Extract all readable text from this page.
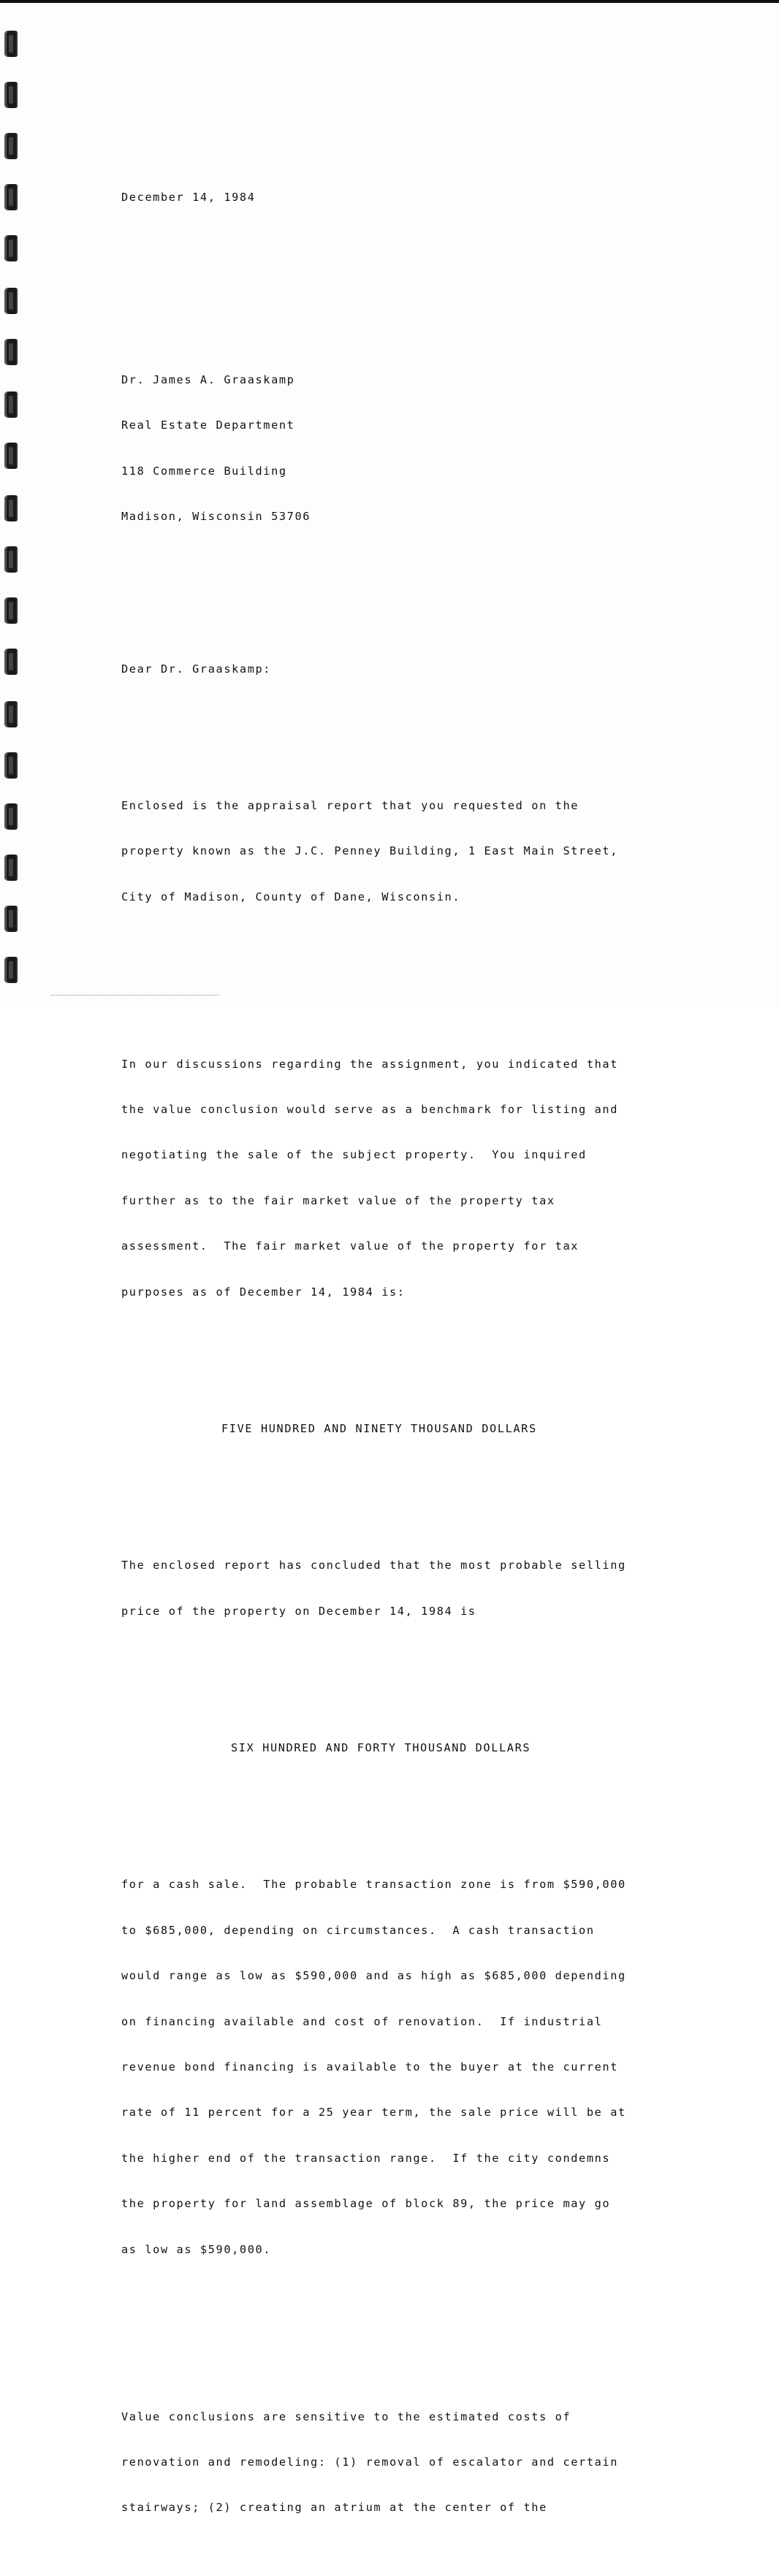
December 14, 1984

Dr. James A. Graaskamp

Real Estate Department

118 Commerce Building

Madison, Wisconsin 53706

Dear Dr. Graaskamp:

Enclosed is the appraisal report that you requested on the

property known as the J.C. Penney Building, 1 East Main Street,

City of Madison, County of Dane, Wisconsin.

In our discussions regarding the assignment, you indicated that

the value conclusion would serve as a benchmark for listing and

negotiating the sale of the subject property.  You inquired

further as to the fair market value of the property tax

assessment.  The fair market value of the property for tax

purposes as of December 14, 1984 is:

FIVE HUNDRED AND NINETY THOUSAND DOLLARS

The enclosed report has concluded that the most probable selling

price of the property on December 14, 1984 is

SIX HUNDRED AND FORTY THOUSAND DOLLARS

for a cash sale.  The probable transaction zone is from $590,000

to $685,000, depending on circumstances.  A cash transaction

would range as low as $590,000 and as high as $685,000 depending

on financing available and cost of renovation.  If industrial

revenue bond financing is available to the buyer at the current

rate of 11 percent for a 25 year term, the sale price will be at

the higher end of the transaction range.  If the city condemns

the property for land assemblage of block 89, the price may go

as low as $590,000.

Value conclusions are sensitive to the estimated costs of

renovation and remodeling: (1) removal of escalator and certain

stairways; (2) creating an atrium at the center of the
